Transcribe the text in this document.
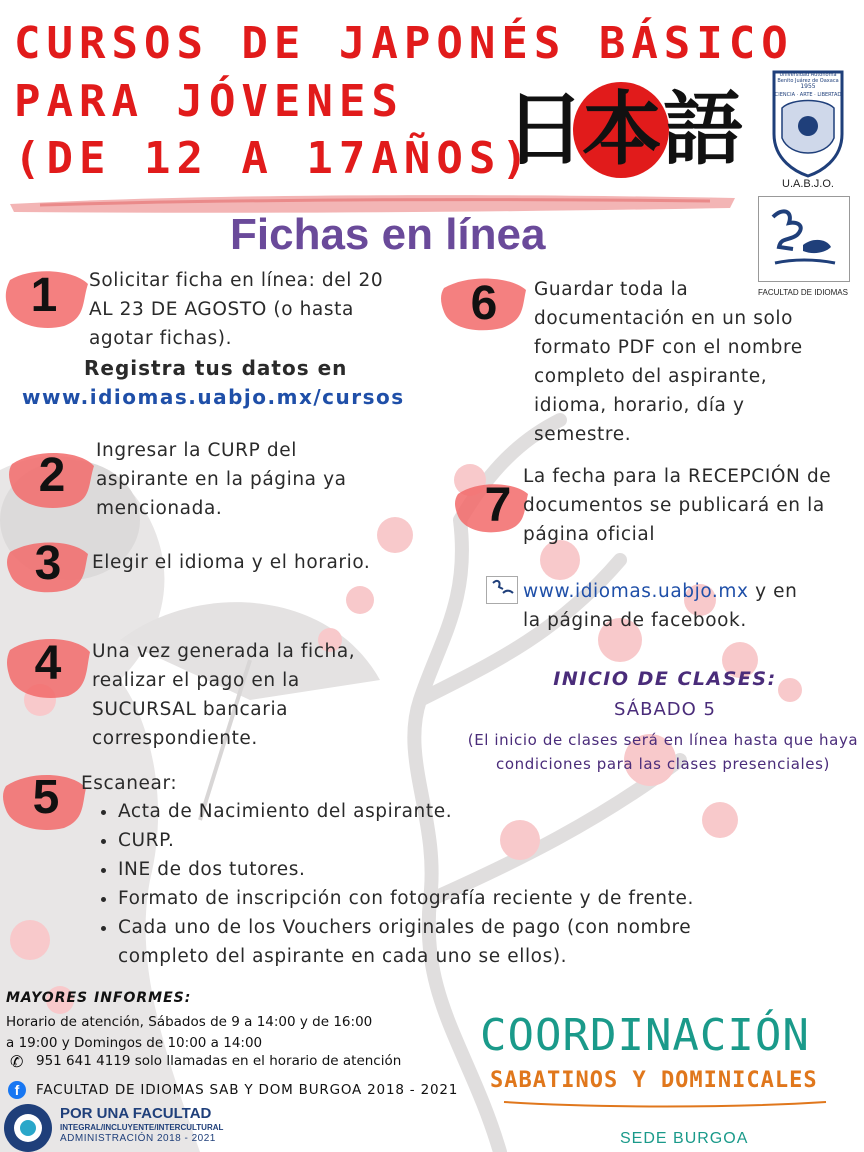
CURSOS DE JAPONÉS BÁSICO
PARA JÓVENES
(DE 12 A 17AÑOS)
日
本 語
Universidad Autónoma Benito Juárez de Oaxaca
1955
CIENCIA · ARTE · LIBERTAD
U.A.B.J.O.
FACULTAD DE IDIOMAS
Fichas en línea
1	Solicitar ficha en línea: del 20 AL 23 DE AGOSTO (o hasta agotar fichas).
Registra tus datos en
www.idiomas.uabjo.mx/cursos
2	Ingresar la CURP del aspirante en la página ya mencionada.
3	Elegir el idioma y el horario.
4	Una vez generada la ficha, realizar el pago en la SUCURSAL bancaria correspondiente.
5	Escanear:
• Acta de Nacimiento del aspirante.
• CURP.
• INE de dos tutores.
• Formato de inscripción con fotografía reciente y de frente.
• Cada uno de los Vouchers originales de pago (con nombre completo del aspirante en cada uno se ellos).
6	Guardar toda la documentación en un solo formato PDF con el nombre completo del aspirante, idioma, horario, día y semestre.
7
La fecha para la RECEPCIÓN de documentos se publicará en la página oficial
www.idiomas.uabjo.mx y en
la página de facebook.
INICIO DE CLASES:
SÁBADO 5
(El inicio de clases será en línea hasta que haya condiciones para las clases presenciales)
MAYORES INFORMES:
Horario de atención, Sábados de 9 a 14:00 y de 16:00 a 19:00 y Domingos de 10:00 a 14:00
✆ 951 641 4119 solo llamadas en el horario de atención
f	FACULTAD DE IDIOMAS SAB Y DOM BURGOA 2018 - 2021
POR UNA FACULTAD
INTEGRAL/INCLUYENTE/INTERCULTURAL
ADMINISTRACIÓN 2018 - 2021
COORDINACIÓN
SABATINOS Y DOMINICALES
SEDE BURGOA
